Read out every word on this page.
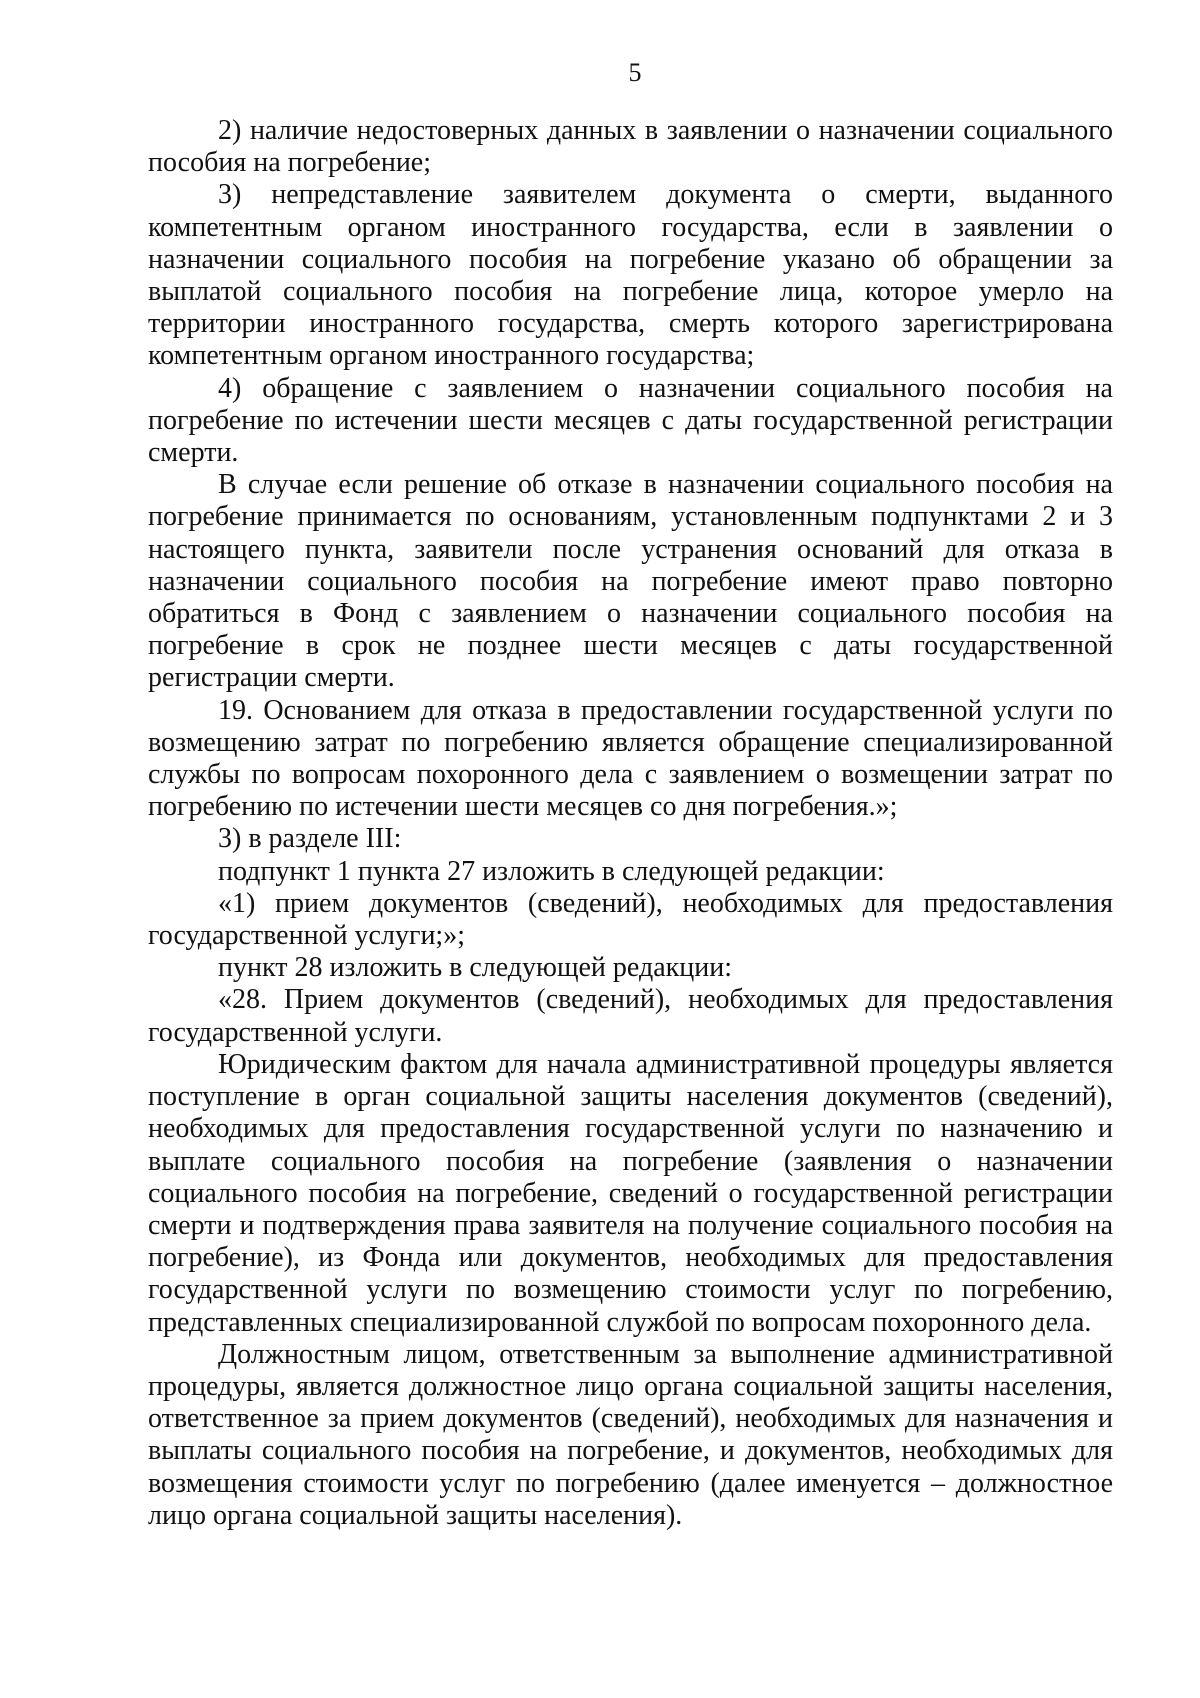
5

2) наличие недостоверных данных в заявлении о назначении социального пособия на погребение;

3) непредставление заявителем документа о смерти, выданного компетентным органом иностранного государства, если в заявлении о назначении социального пособия на погребение указано об обращении за выплатой социального пособия на погребение лица, которое умерло на территории иностранного государства, смерть которого зарегистрирована компетентным органом иностранного государства;

4) обращение с заявлением о назначении социального пособия на погребение по истечении шести месяцев с даты государственной регистрации смерти.

В случае если решение об отказе в назначении социального пособия на погребение принимается по основаниям, установленным подпунктами 2 и 3 настоящего пункта, заявители после устранения оснований для отказа в назначении социального пособия на погребение имеют право повторно обратиться в Фонд с заявлением о назначении социального пособия на погребение в срок не позднее шести месяцев с даты государственной регистрации смерти.

19. Основанием для отказа в предоставлении государственной услуги по возмещению затрат по погребению является обращение специализированной службы по вопросам похоронного дела с заявлением о возмещении затрат по погребению по истечении шести месяцев со дня погребения.»;

3) в разделе III:

подпункт 1 пункта 27 изложить в следующей редакции:

«1) прием документов (сведений), необходимых для предоставления государственной услуги;»;

пункт 28 изложить в следующей редакции:

«28. Прием документов (сведений), необходимых для предоставления государственной услуги.

Юридическим фактом для начала административной процедуры является поступление в орган социальной защиты населения документов (сведений), необходимых для предоставления государственной услуги по назначению и выплате социального пособия на погребение (заявления о назначении социального пособия на погребение, сведений о государственной регистрации смерти и подтверждения права заявителя на получение социального пособия на погребение), из Фонда или документов, необходимых для предоставления государственной услуги по возмещению стоимости услуг по погребению, представленных специализированной службой по вопросам похоронного дела.

Должностным лицом, ответственным за выполнение административной процедуры, является должностное лицо органа социальной защиты населения, ответственное за прием документов (сведений), необходимых для назначения и выплаты социального пособия на погребение, и документов, необходимых для возмещения стоимости услуг по погребению (далее именуется – должностное лицо органа социальной защиты населения).
